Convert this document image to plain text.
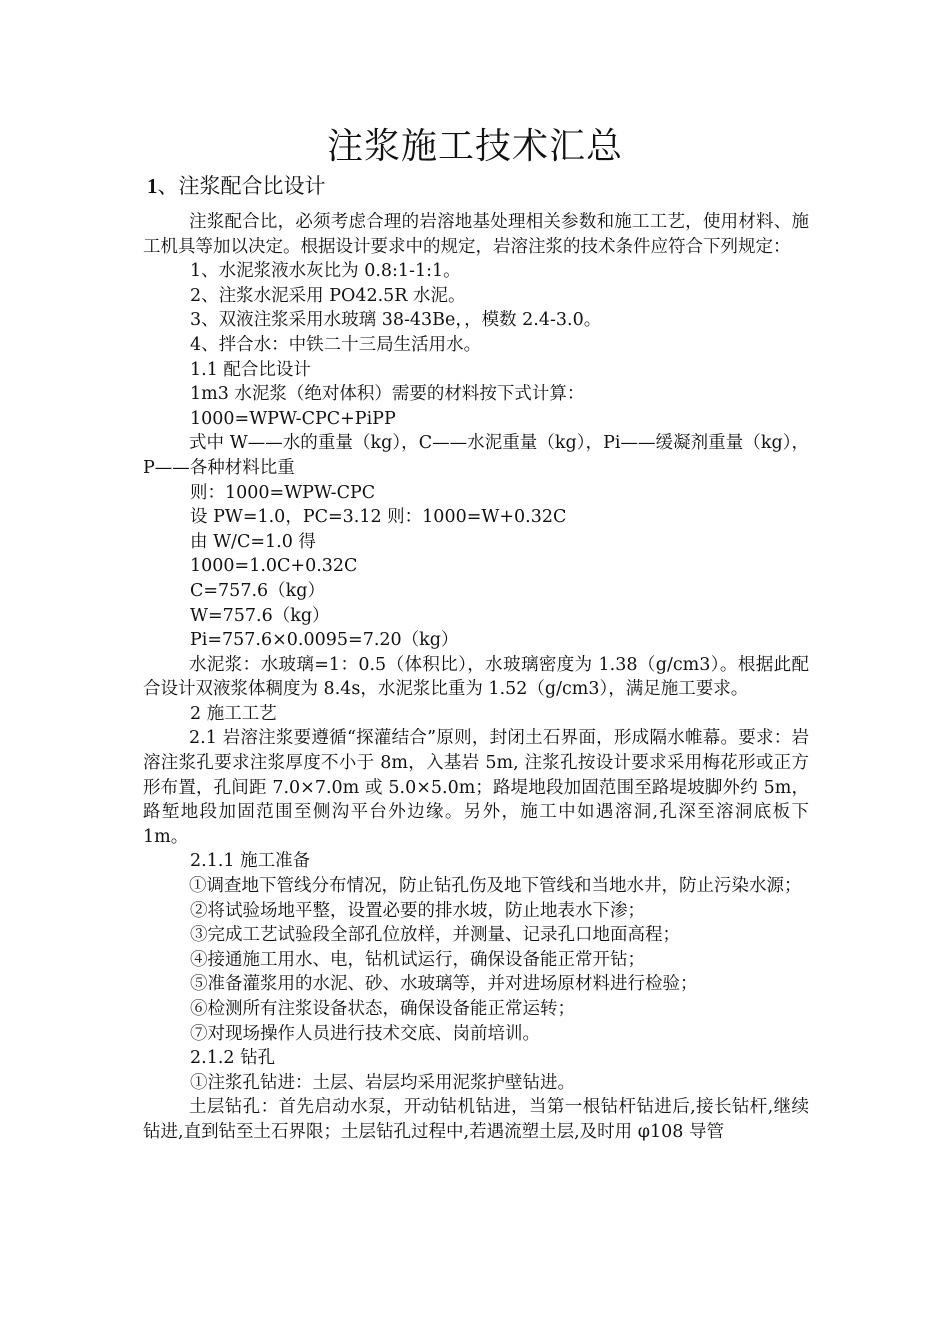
注浆施工技术汇总
1、注浆配合比设计

注浆配合比，必须考虑合理的岩溶地基处理相关参数和施工工艺，使用材料、施工机具等加以决定。根据设计要求中的规定，岩溶注浆的技术条件应符合下列规定：

1、水泥浆液水灰比为 0.8:1-1:1。

2、注浆水泥采用 PO42.5R 水泥。

3、双液注浆采用水玻璃 38-43Be，，模数 2.4-3.0。

4、拌合水：中铁二十三局生活用水。

1.1 配合比设计

1m3 水泥浆（绝对体积）需要的材料按下式计算：

1000=WPW-CPC+PiPP

式中 W——水的重量（kg），C——水泥重量（kg），Pi——缓凝剂重量（kg），P——各种材料比重

则：1000=WPW-CPC

设 PW=1.0，PC=3.12 则：1000=W+0.32C

由 W/C=1.0 得

1000=1.0C+0.32C

C=757.6（kg）

W=757.6（kg）

Pi=757.6×0.0095=7.20（kg）

水泥浆：水玻璃=1：0.5（体积比），水玻璃密度为 1.38（g/cm3）。根据此配合设计双液浆体稠度为 8.4s，水泥浆比重为 1.52（g/cm3），满足施工要求。

2 施工工艺

2.1 岩溶注浆要遵循“探灌结合”原则，封闭土石界面，形成隔水帷幕。要求：岩溶注浆孔要求注浆厚度不小于 8m，入基岩 5m, 注浆孔按设计要求采用梅花形或正方形布置，孔间距 7.0×7.0m 或 5.0×5.0m；路堤地段加固范围至路堤坡脚外约 5m，路堑地段加固范围至侧沟平台外边缘。另外，施工中如遇溶洞,孔深至溶洞底板下 1m。

2.1.1 施工准备

①调查地下管线分布情况，防止钻孔伤及地下管线和当地水井，防止污染水源；

②将试验场地平整，设置必要的排水坡，防止地表水下渗；

③完成工艺试验段全部孔位放样，并测量、记录孔口地面高程；

④接通施工用水、电，钻机试运行，确保设备能正常开钻；

⑤准备灌浆用的水泥、砂、水玻璃等，并对进场原材料进行检验；

⑥检测所有注浆设备状态，确保设备能正常运转；

⑦对现场操作人员进行技术交底、岗前培训。

2.1.2 钻孔

①注浆孔钻进：土层、岩层均采用泥浆护壁钻进。

土层钻孔：首先启动水泵，开动钻机钻进，当第一根钻杆钻进后,接长钻杆,继续钻进,直到钻至土石界限；土层钻孔过程中,若遇流塑土层,及时用 φ108 导管
